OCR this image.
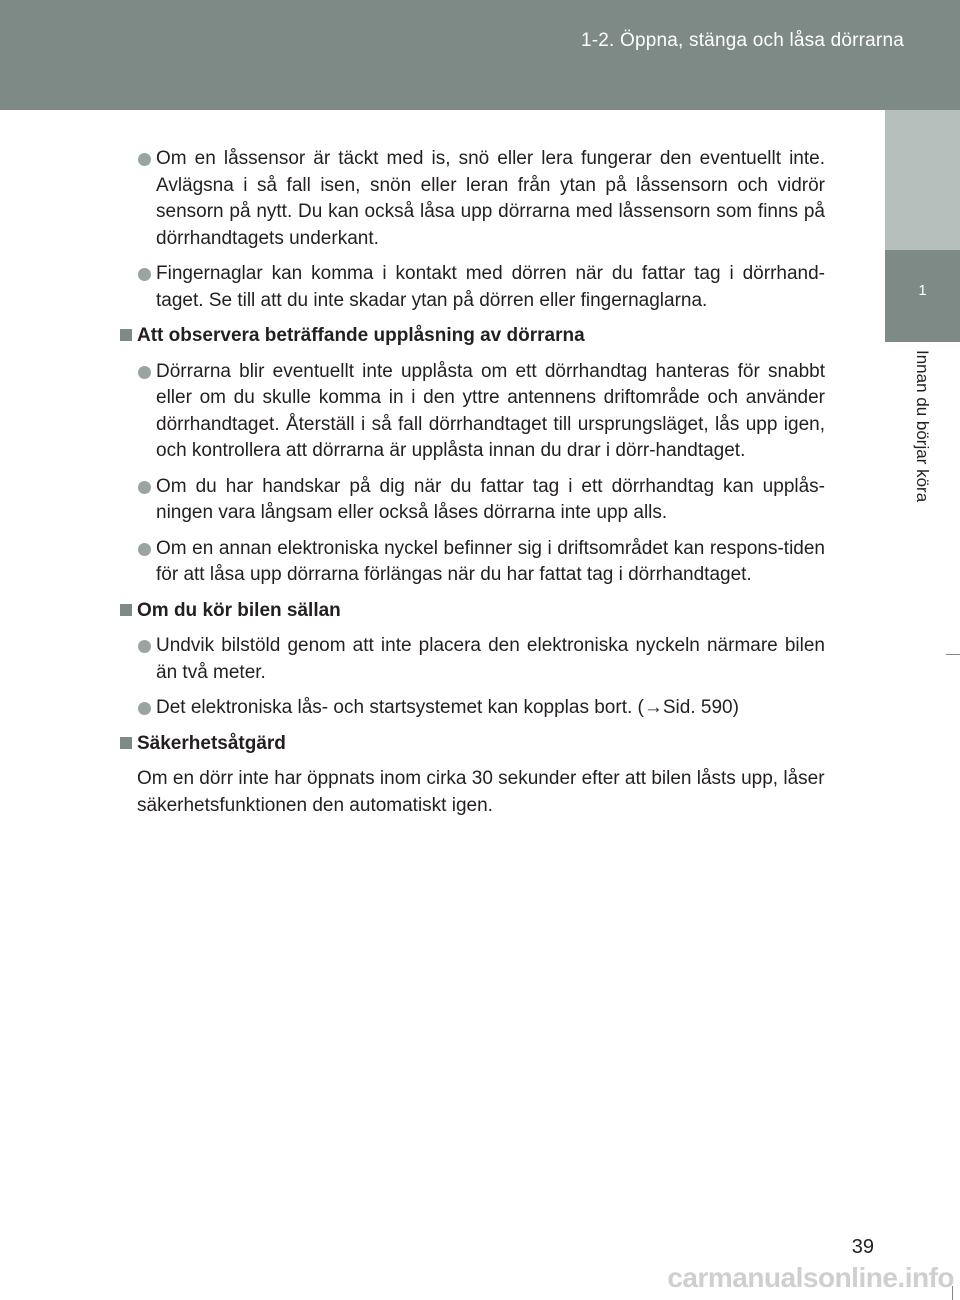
1-2. Öppna, stänga och låsa dörrarna
1
Innan du börjar köra
Om en låssensor är täckt med is, snö eller lera fungerar den eventuellt inte. Avlägsna i så fall isen, snön eller leran från ytan på låssensorn och vidrör sensorn på nytt. Du kan också låsa upp dörrarna med låssensorn som finns på dörrhandtagets underkant.
Fingernaglar kan komma i kontakt med dörren när du fattar tag i dörrhand-taget. Se till att du inte skadar ytan på dörren eller fingernaglarna.
Att observera beträffande upplåsning av dörrarna
Dörrarna blir eventuellt inte upplåsta om ett dörrhandtag hanteras för snabbt eller om du skulle komma in i den yttre antennens driftområde och använder dörrhandtaget. Återställ i så fall dörrhandtaget till ursprungsläget, lås upp igen, och kontrollera att dörrarna är upplåsta innan du drar i dörr-handtaget.
Om du har handskar på dig när du fattar tag i ett dörrhandtag kan upplås-ningen vara långsam eller också låses dörrarna inte upp alls.
Om en annan elektroniska nyckel befinner sig i driftsområdet kan respons-tiden för att låsa upp dörrarna förlängas när du har fattat tag i dörrhandtaget.
Om du kör bilen sällan
Undvik bilstöld genom att inte placera den elektroniska nyckeln närmare bilen än två meter.
Det elektroniska lås- och startsystemet kan kopplas bort. (→Sid. 590)
Säkerhetsåtgärd
Om en dörr inte har öppnats inom cirka 30 sekunder efter att bilen låsts upp, låser säkerhetsfunktionen den automatiskt igen.
39
carmanualsonline.info
